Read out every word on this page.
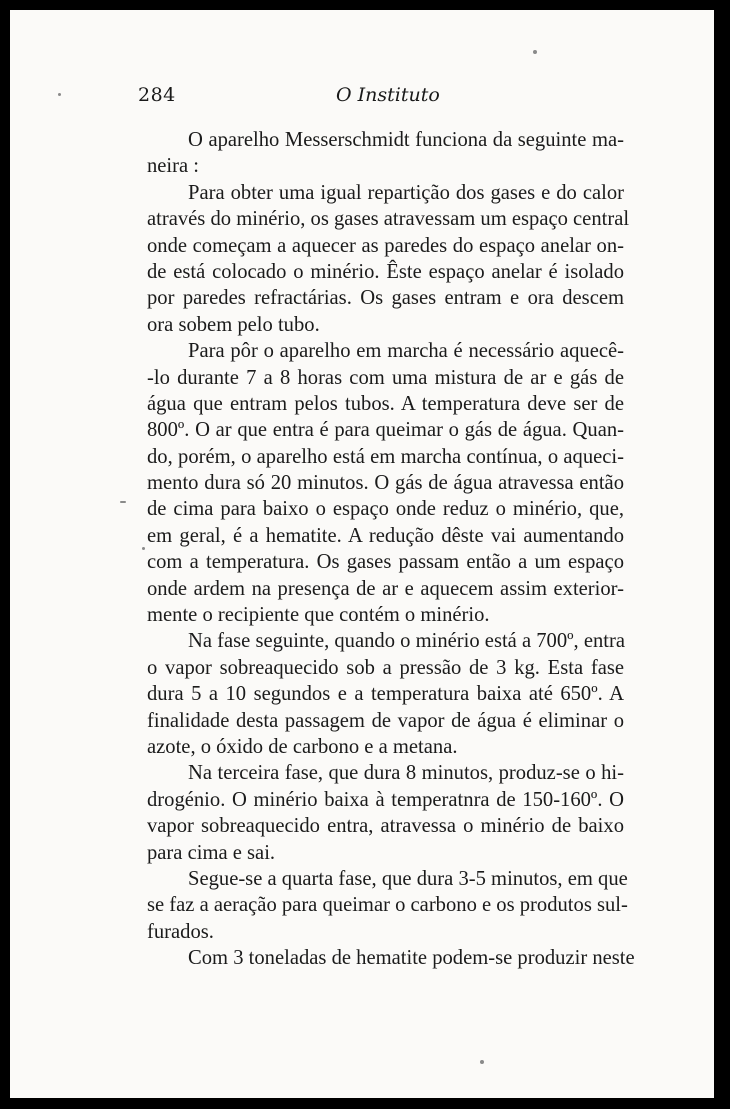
284	O Instituto
O aparelho Messerschmidt funciona da seguinte ma-
neira :
Para obter uma igual repartição dos gases e do calor
através do minério, os gases atravessam um espaço central
onde começam a aquecer as paredes do espaço anelar on-
de está colocado o minério. Êste espaço anelar é isolado
por paredes refractárias. Os gases entram e ora descem
ora sobem pelo tubo.
Para pôr o aparelho em marcha é necessário aquecê-
-lo durante 7 a 8 horas com uma mistura de ar e gás de
água que entram pelos tubos. A temperatura deve ser de
800º. O ar que entra é para queimar o gás de água. Quan-
do, porém, o aparelho está em marcha contínua, o aqueci-
mento dura só 20 minutos. O gás de água atravessa então
de cima para baixo o espaço onde reduz o minério, que,
em geral, é a hematite. A redução dêste vai aumentando
com a temperatura. Os gases passam então a um espaço
onde ardem na presença de ar e aquecem assim exterior-
mente o recipiente que contém o minério.
Na fase seguinte, quando o minério está a 700º, entra
o vapor sobreaquecido sob a pressão de 3 kg. Esta fase
dura 5 a 10 segundos e a temperatura baixa até 650º. A
finalidade desta passagem de vapor de água é eliminar o
azote, o óxido de carbono e a metana.
Na terceira fase, que dura 8 minutos, produz-se o hi-
drogénio. O minério baixa à temperatnra de 150-160º. O
vapor sobreaquecido entra, atravessa o minério de baixo
para cima e sai.
Segue-se a quarta fase, que dura 3-5 minutos, em que
se faz a aeração para queimar o carbono e os produtos sul-
furados.
Com 3 toneladas de hematite podem-se produzir neste
